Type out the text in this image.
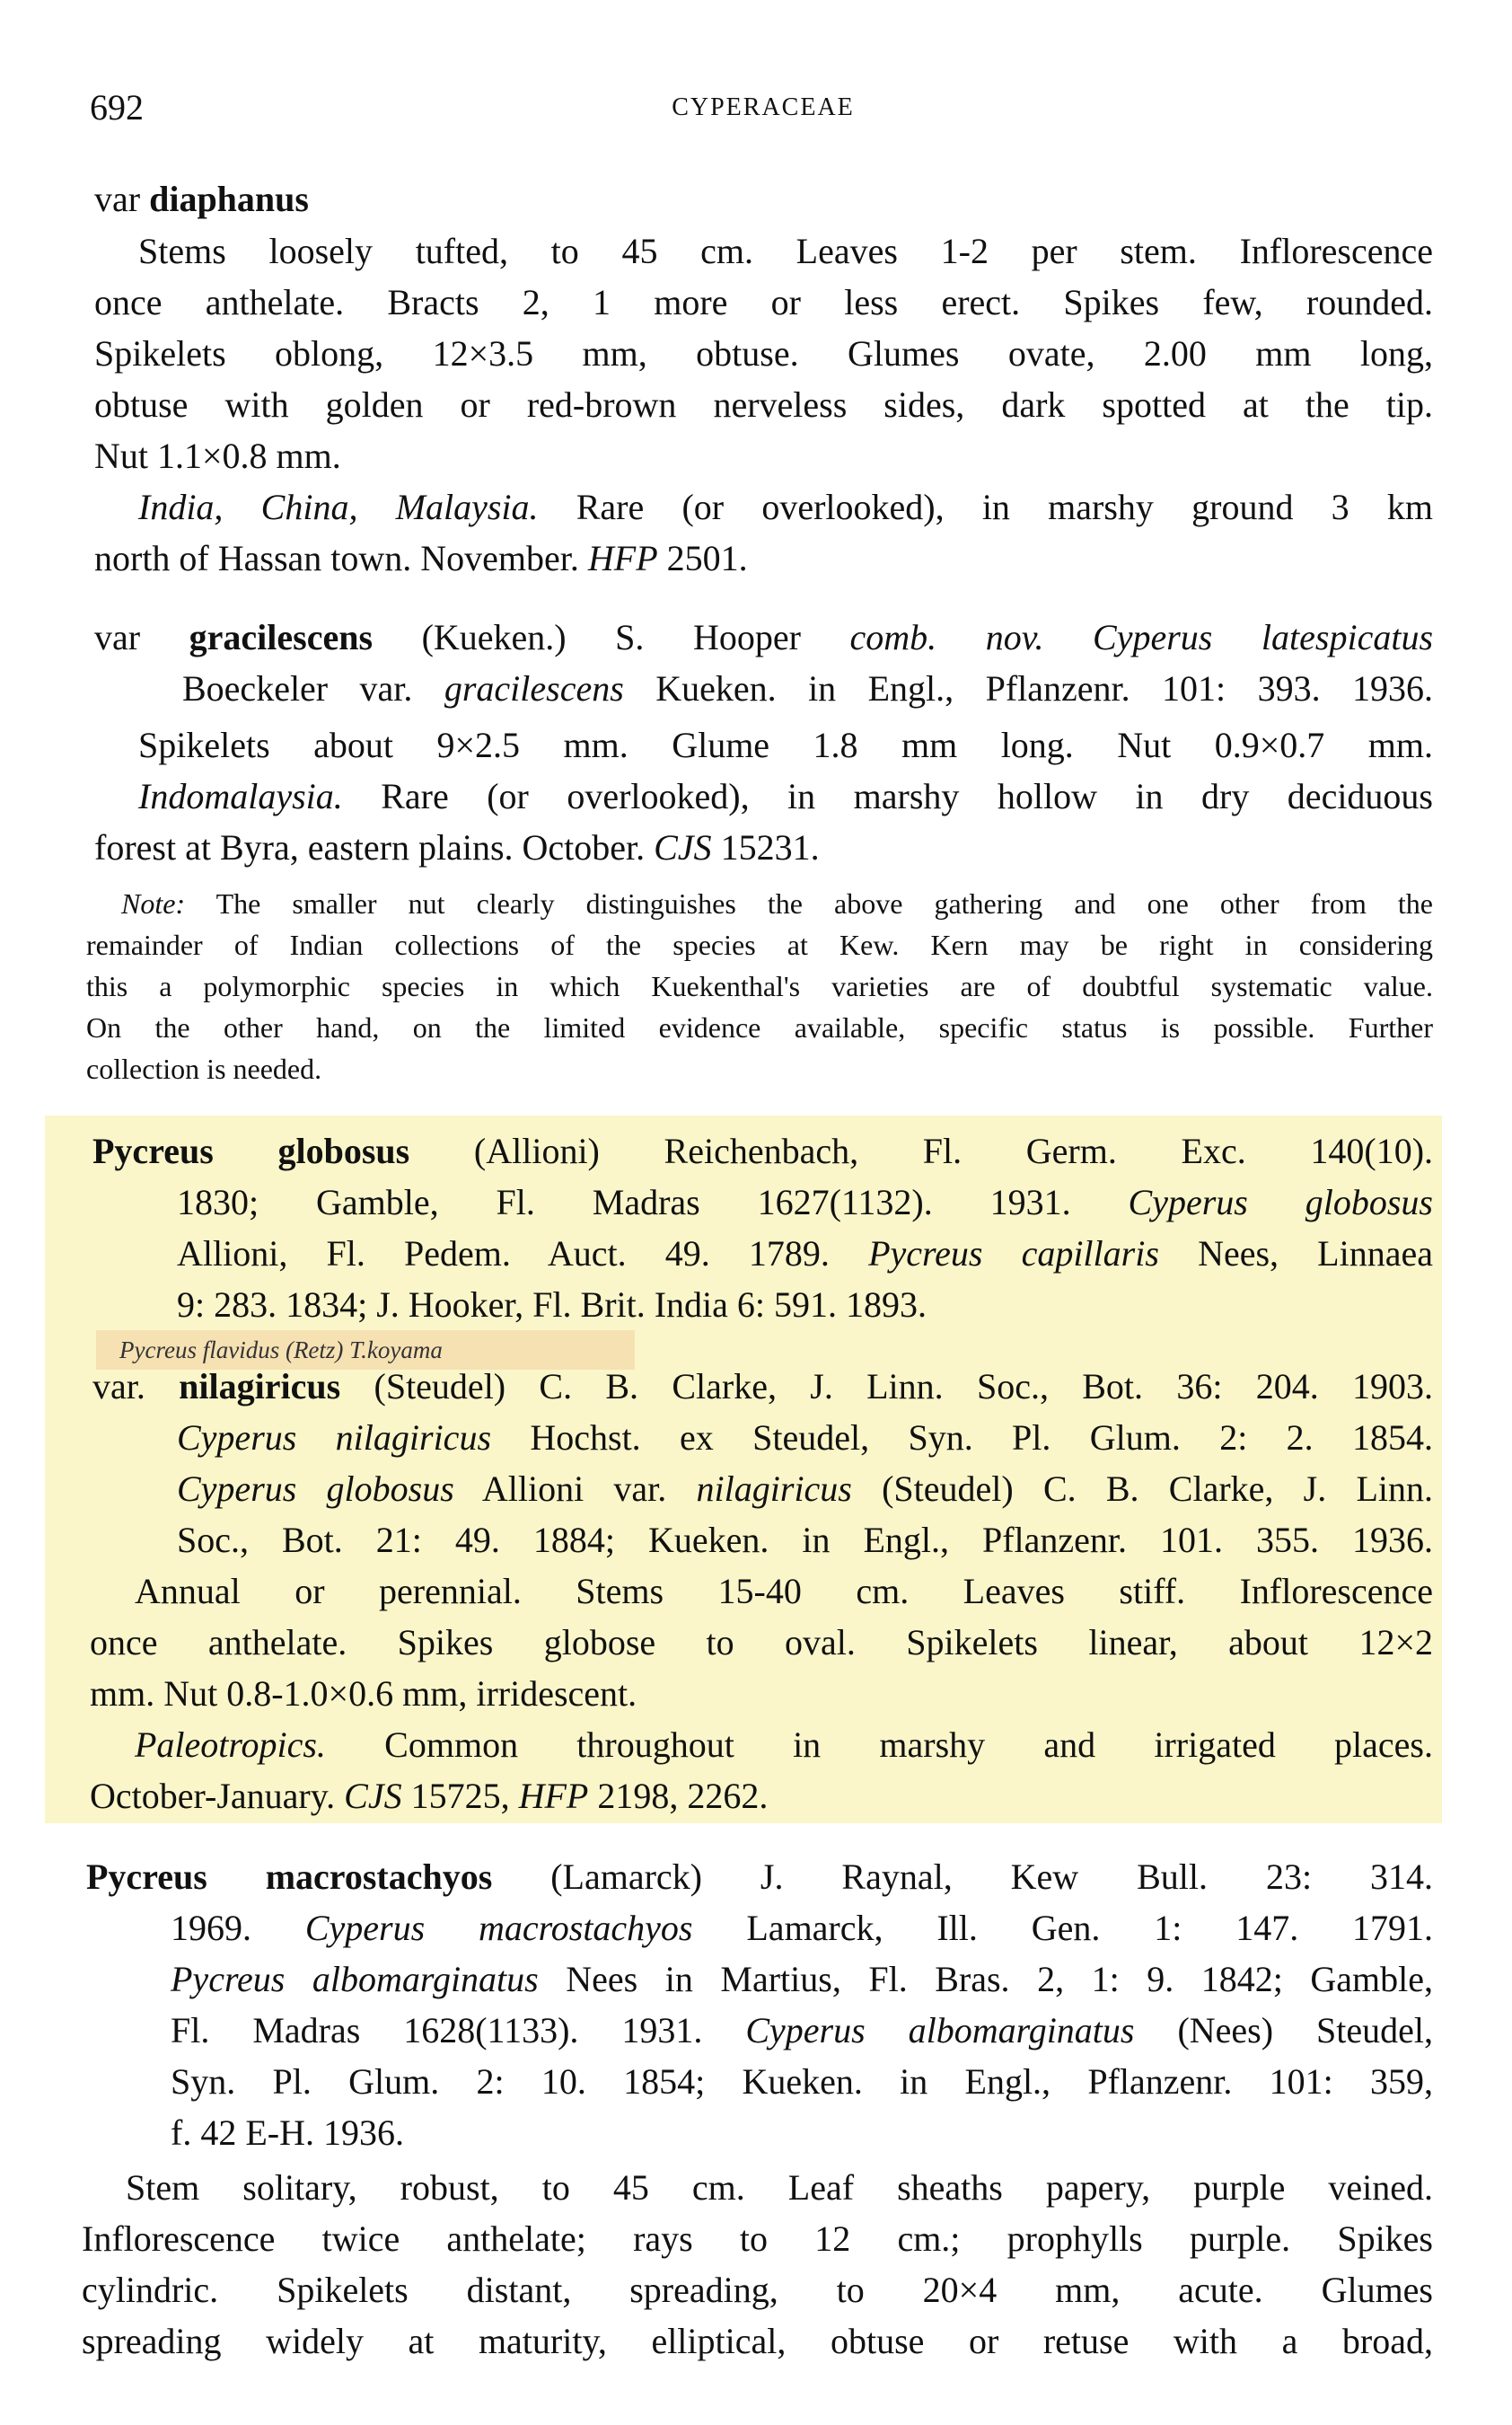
692	CYPERACEAE
var diaphanus
Stems loosely tufted, to 45 cm. Leaves 1-2 per stem. Inflorescence
once anthelate. Bracts 2, 1 more or less erect. Spikes few, rounded.
Spikelets oblong, 12×3.5 mm, obtuse. Glumes ovate, 2.00 mm long,
obtuse with golden or red-brown nerveless sides, dark spotted at the tip.
Nut 1.1×0.8 mm.
India, China, Malaysia. Rare (or overlooked), in marshy ground 3 km
north of Hassan town. November. HFP 2501.
var gracilescens (Kueken.) S. Hooper comb. nov. Cyperus latespicatus
Boeckeler var. gracilescens Kueken. in Engl., Pflanzenr. 101: 393. 1936.
Spikelets about 9×2.5 mm. Glume 1.8 mm long. Nut 0.9×0.7 mm.
Indomalaysia. Rare (or overlooked), in marshy hollow in dry deciduous
forest at Byra, eastern plains. October. CJS 15231.
Note: The smaller nut clearly distinguishes the above gathering and one other from the
remainder of Indian collections of the species at Kew. Kern may be right in considering
this a polymorphic species in which Kuekenthal's varieties are of doubtful systematic value.
On the other hand, on the limited evidence available, specific status is possible. Further
collection is needed.
Pycreus globosus (Allioni) Reichenbach, Fl. Germ. Exc. 140(10).
1830; Gamble, Fl. Madras 1627(1132). 1931. Cyperus globosus
Allioni, Fl. Pedem. Auct. 49. 1789. Pycreus capillaris Nees, Linnaea
9: 283. 1834; J. Hooker, Fl. Brit. India 6: 591. 1893.
Pycreus flavidus (Retz) T.koyama
var. nilagiricus (Steudel) C. B. Clarke, J. Linn. Soc., Bot. 36: 204. 1903.
Cyperus nilagiricus Hochst. ex Steudel, Syn. Pl. Glum. 2: 2. 1854.
Cyperus globosus Allioni var. nilagiricus (Steudel) C. B. Clarke, J. Linn.
Soc., Bot. 21: 49. 1884; Kueken. in Engl., Pflanzenr. 101. 355. 1936.
Annual or perennial. Stems 15-40 cm. Leaves stiff. Inflorescence
once anthelate. Spikes globose to oval. Spikelets linear, about 12×2
mm. Nut 0.8-1.0×0.6 mm, irridescent.
Paleotropics. Common throughout in marshy and irrigated places.
October-January. CJS 15725, HFP 2198, 2262.
Pycreus macrostachyos (Lamarck) J. Raynal, Kew Bull. 23: 314.
1969. Cyperus macrostachyos Lamarck, Ill. Gen. 1: 147. 1791.
Pycreus albomarginatus Nees in Martius, Fl. Bras. 2, 1: 9. 1842; Gamble,
Fl. Madras 1628(1133). 1931. Cyperus albomarginatus (Nees) Steudel,
Syn. Pl. Glum. 2: 10. 1854; Kueken. in Engl., Pflanzenr. 101: 359,
f. 42 E-H. 1936.
Stem solitary, robust, to 45 cm. Leaf sheaths papery, purple veined.
Inflorescence twice anthelate; rays to 12 cm.; prophylls purple. Spikes
cylindric. Spikelets distant, spreading, to 20×4 mm, acute. Glumes
spreading widely at maturity, elliptical, obtuse or retuse with a broad,
